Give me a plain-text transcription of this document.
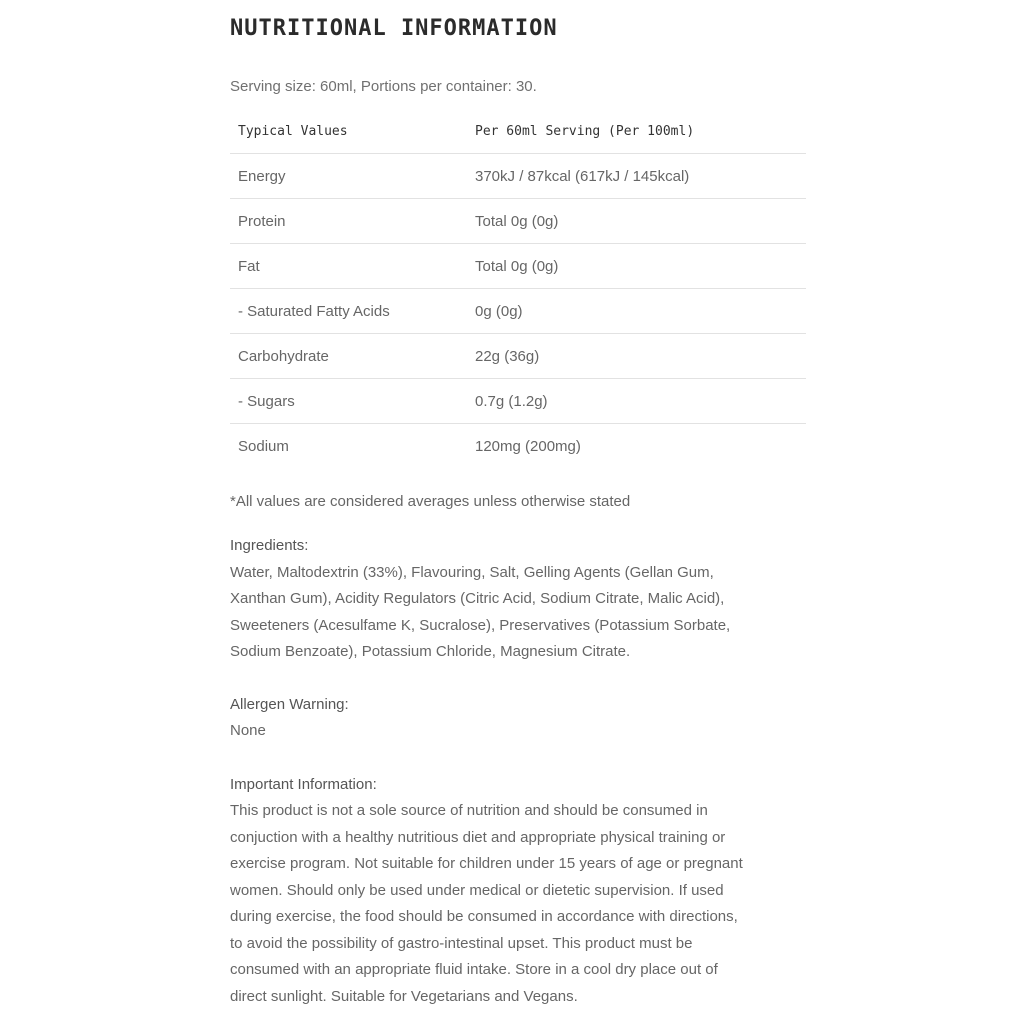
NUTRITIONAL INFORMATION
Serving size: 60ml, Portions per container: 30.
Typical Values	Per 60ml Serving (Per 100ml)
Energy	370kJ / 87kcal (617kJ / 145kcal)
Protein	Total 0g (0g)
Fat	Total 0g (0g)
- Saturated Fatty Acids	0g (0g)
Carbohydrate	22g (36g)
- Sugars	0.7g (1.2g)
Sodium	120mg (200mg)
*All values are considered averages unless otherwise stated
Ingredients:
Water, Maltodextrin (33%), Flavouring, Salt, Gelling Agents (Gellan Gum,
Xanthan Gum), Acidity Regulators (Citric Acid, Sodium Citrate, Malic Acid),
Sweeteners (Acesulfame K, Sucralose), Preservatives (Potassium Sorbate,
Sodium Benzoate), Potassium Chloride, Magnesium Citrate.
Allergen Warning:
None
Important Information:
This product is not a sole source of nutrition and should be consumed in
conjuction with a healthy nutritious diet and appropriate physical training or
exercise program. Not suitable for children under 15 years of age or pregnant
women. Should only be used under medical or dietetic supervision. If used
during exercise, the food should be consumed in accordance with directions,
to avoid the possibility of gastro-intestinal upset. This product must be
consumed with an appropriate fluid intake. Store in a cool dry place out of
direct sunlight. Suitable for Vegetarians and Vegans.
